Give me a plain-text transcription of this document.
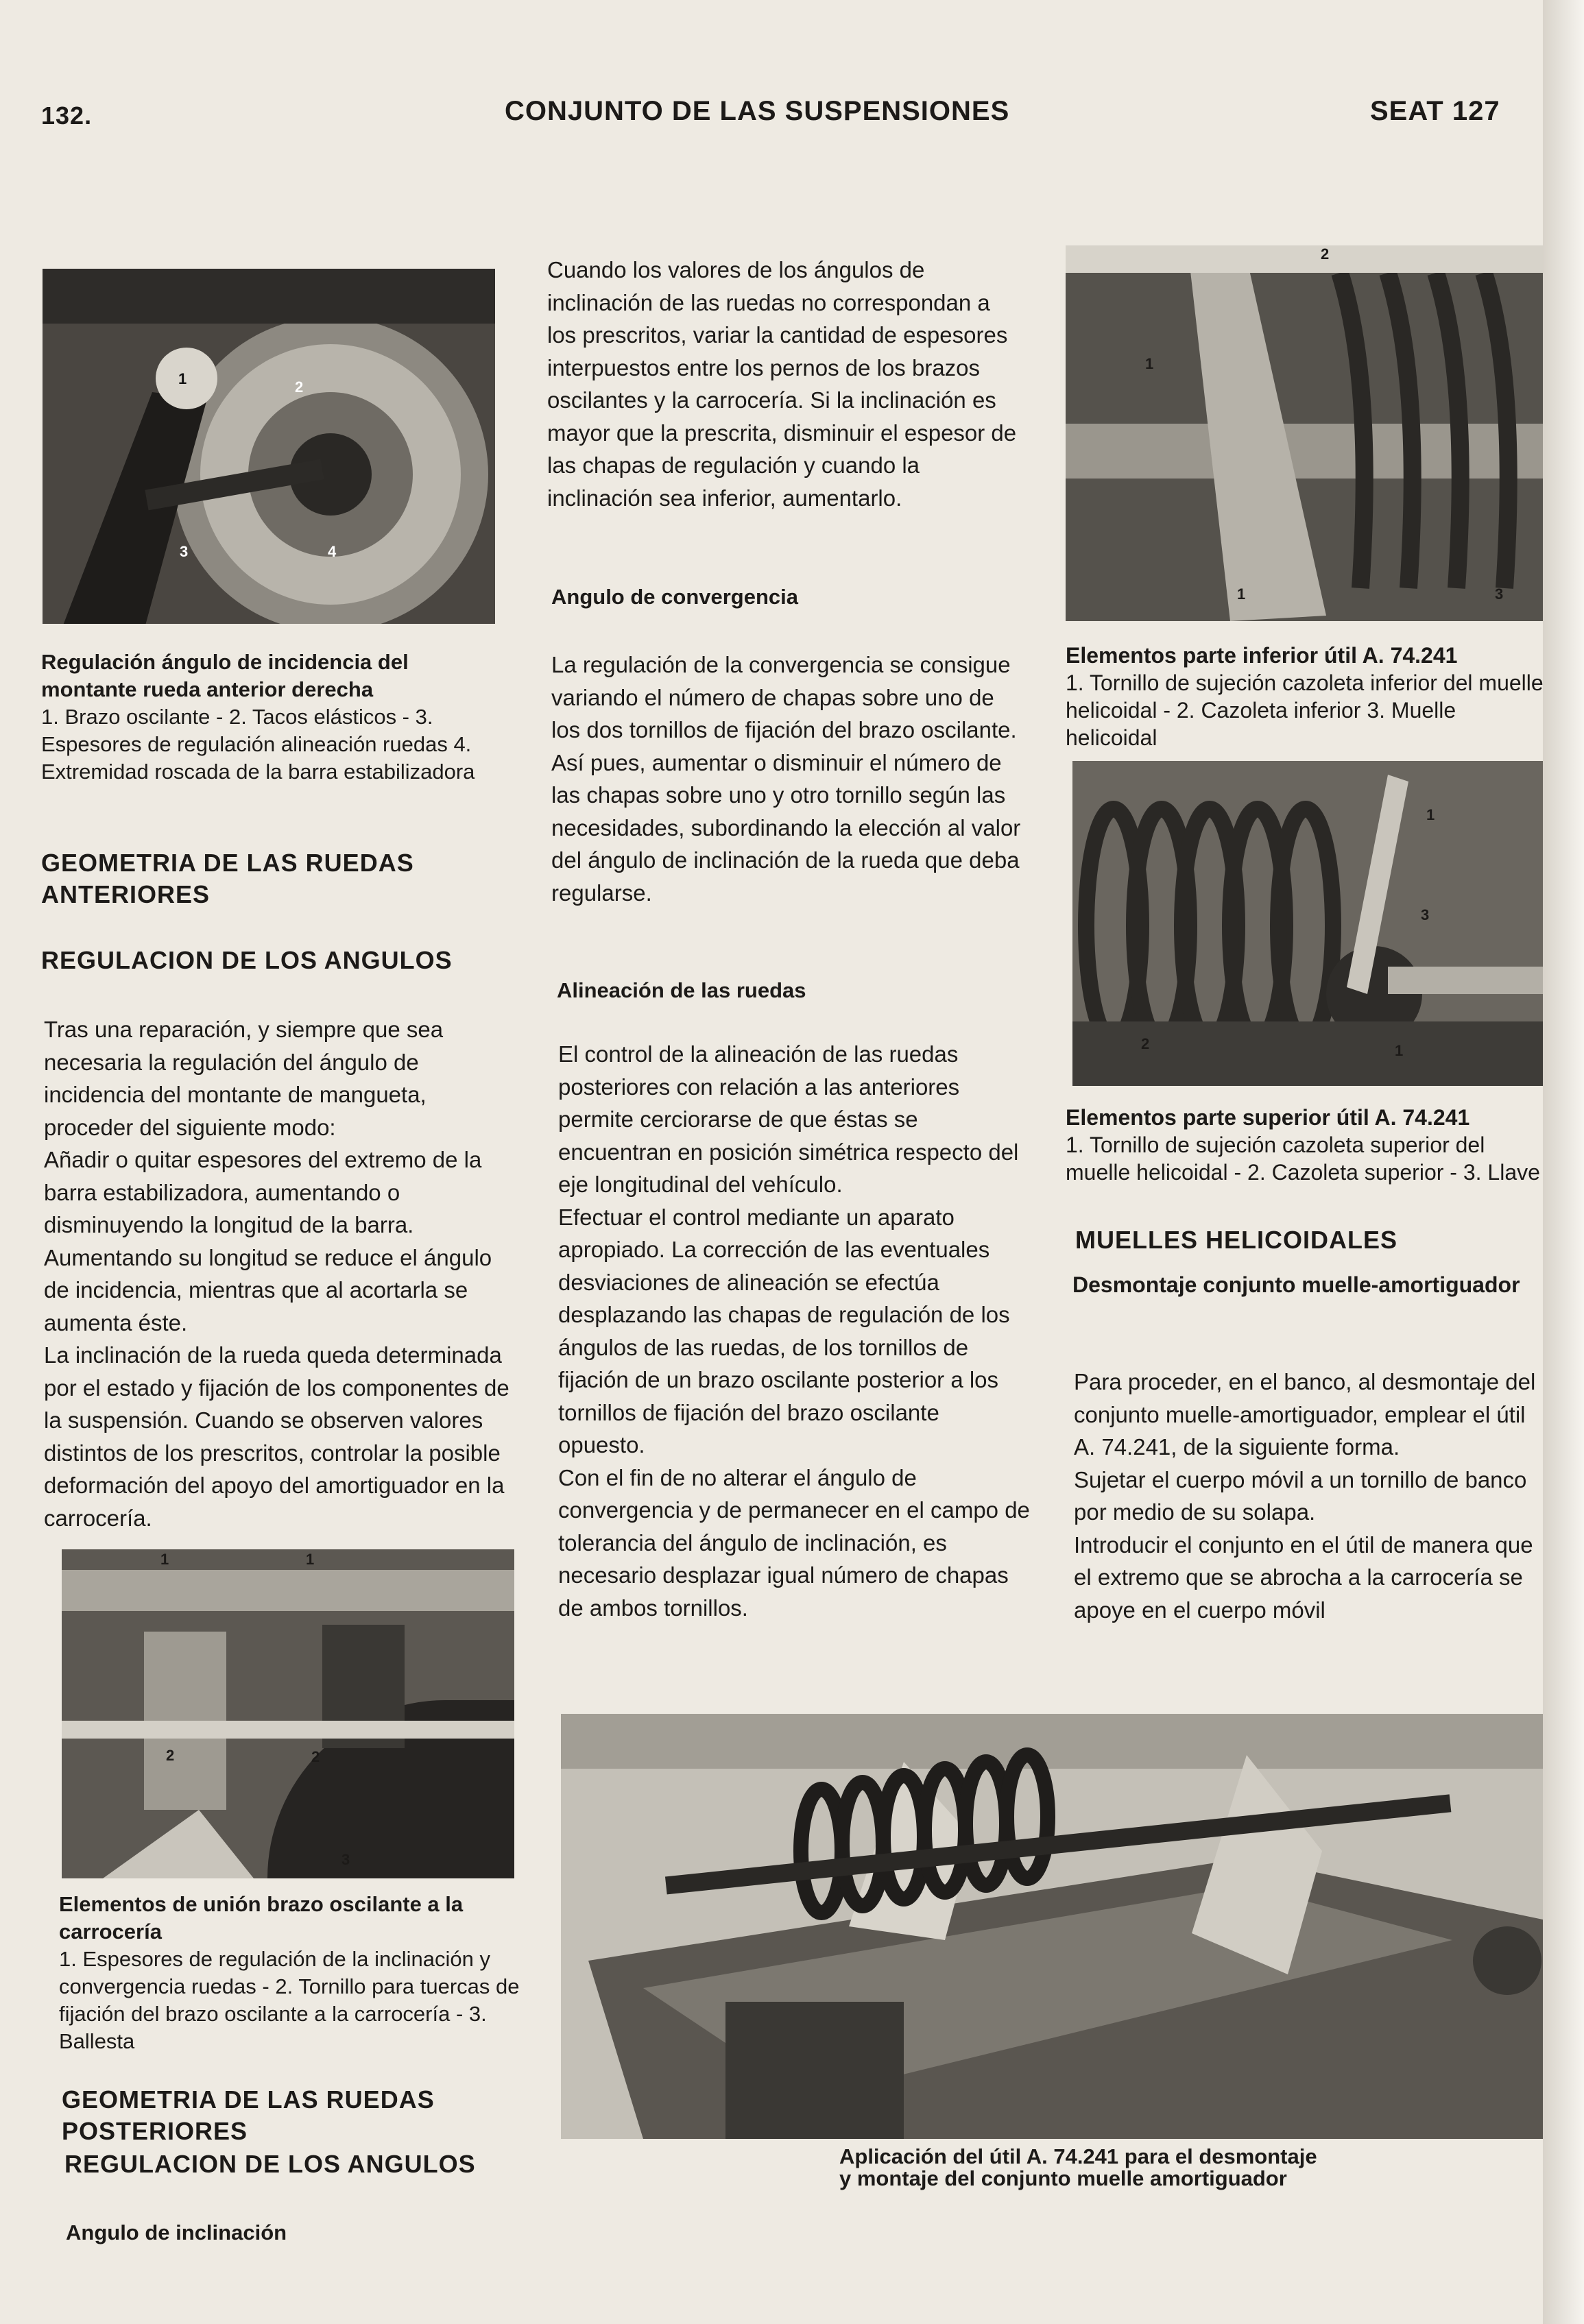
132.	CONJUNTO DE LAS SUSPENSIONES	SEAT 127
1	2
3	4
Regulación ángulo de incidencia del montante rueda anterior derecha
1. Brazo oscilante - 2. Tacos elásticos - 3. Espesores de regulación alineación ruedas 4. Extremidad roscada de la barra estabilizadora
GEOMETRIA DE LAS RUEDAS ANTERIORES
REGULACION DE LOS ANGULOS

Tras una reparación, y siempre que sea necesaria la regulación del ángulo de incidencia del montante de mangueta, proceder del siguiente modo:

Añadir o quitar espesores del extremo de la barra estabilizadora, aumentando o disminuyendo la longitud de la barra.

Aumentando su longitud se reduce el ángulo de incidencia, mientras que al acortarla se aumenta éste.

La inclinación de la rueda queda determinada por el estado y fijación de los componentes de la suspensión. Cuando se observen valores distintos de los prescritos, controlar la posible deformación del apoyo del amortiguador en la carrocería.

1	1
2	2
3
Elementos de unión brazo oscilante a la carrocería
1. Espesores de regulación de la inclinación y convergencia ruedas - 2. Tornillo para tuercas de fijación del brazo oscilante a la carrocería - 3. Ballesta
GEOMETRIA DE LAS RUEDAS POSTERIORES
REGULACION DE LOS ANGULOS
Angulo de inclinación
Cuando los valores de los ángulos de inclinación de las ruedas no correspondan a los prescritos, variar la cantidad de espesores interpuestos entre los pernos de los brazos oscilantes y la carrocería. Si la inclinación es mayor que la prescrita, disminuir el espesor de las chapas de regulación y cuando la inclinación sea inferior, aumentarlo.
Angulo de convergencia

La regulación de la convergencia se consigue variando el número de chapas sobre uno de los dos tornillos de fijación del brazo oscilante.

Así pues, aumentar o disminuir el número de las chapas sobre uno y otro tornillo según las necesidades, subordinando la elección al valor del ángulo de inclinación de la rueda que deba regularse.

Alineación de las ruedas

El control de la alineación de las ruedas posteriores con relación a las anteriores permite cerciorarse de que éstas se encuentran en posición simétrica respecto del eje longitudinal del vehículo.

Efectuar el control mediante un aparato apropiado. La corrección de las eventuales desviaciones de alineación se efectúa desplazando las chapas de regulación de los ángulos de las ruedas, de los tornillos de fijación de un brazo oscilante posterior a los tornillos de fijación del brazo oscilante opuesto.

Con el fin de no alterar el ángulo de convergencia y de permanecer en el campo de tolerancia del ángulo de inclinación, es necesario desplazar igual número de chapas de ambos tornillos.

2
1
1	3
Elementos parte inferior útil A. 74.241
1. Tornillo de sujeción cazoleta inferior del muelle helicoidal - 2. Cazoleta inferior 3. Muelle helicoidal
1
3
2	1
Elementos parte superior útil A. 74.241
1. Tornillo de sujeción cazoleta superior del muelle helicoidal - 2. Cazoleta superior - 3. Llave
MUELLES HELICOIDALES
Desmontaje conjunto muelle-amortiguador

Para proceder, en el banco, al desmontaje del conjunto muelle-amortiguador, emplear el útil A. 74.241, de la siguiente forma.

Sujetar el cuerpo móvil a un tornillo de banco por medio de su solapa.

Introducir el conjunto en el útil de manera que el extremo que se abrocha a la carrocería se apoye en el cuerpo móvil

Aplicación del útil A. 74.241 para el desmontaje y montaje del conjunto muelle amortiguador
